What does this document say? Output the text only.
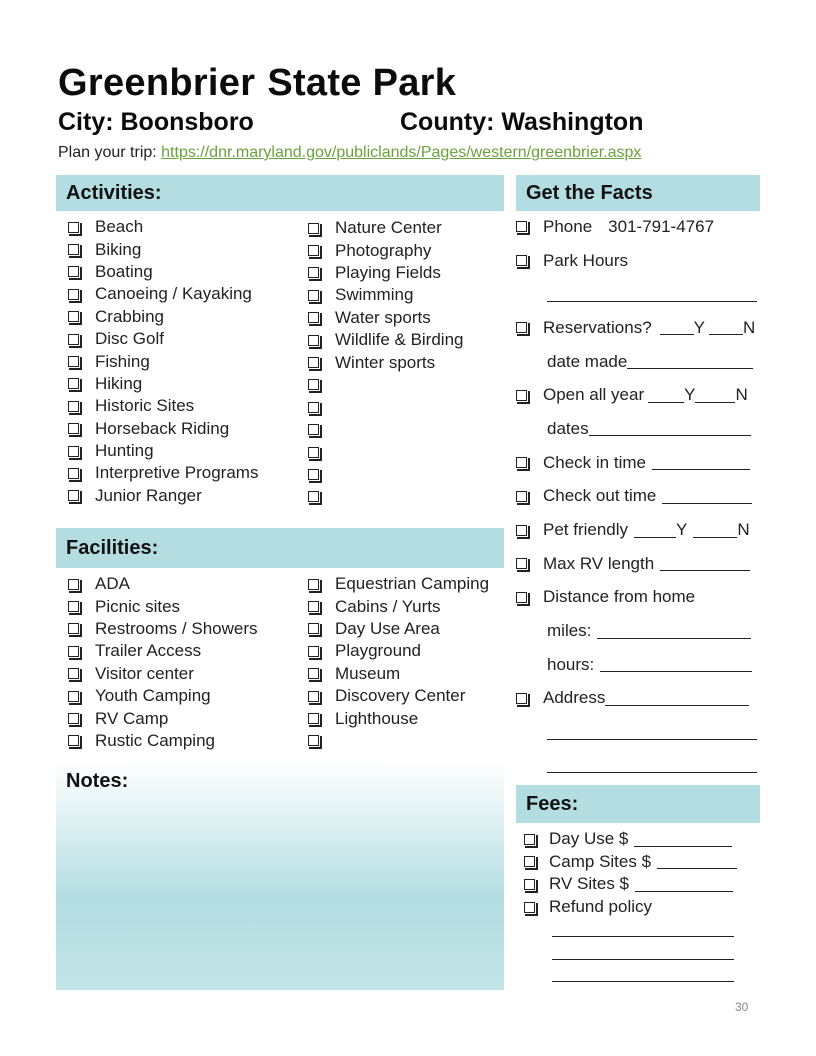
Greenbrier State Park
City: Boonsboro	County: Washington
Plan your trip: https://dnr.maryland.gov/publiclands/Pages/western/greenbrier.aspx
Activities:
Beach
Biking
Boating
Canoeing / Kayaking
Crabbing
Disc Golf
Fishing
Hiking
Historic Sites
Horseback Riding
Hunting
Interpretive Programs
Junior Ranger
Nature Center
Photography
Playing Fields
Swimming
Water sports
Wildlife & Birding
Winter sports
Facilities:
ADA
Picnic sites
Restrooms / Showers
Trailer Access
Visitor center
Youth Camping
RV Camp
Rustic Camping
Equestrian Camping
Cabins / Yurts
Day Use Area
Playground
Museum
Discovery Center
Lighthouse
Notes:
Get the Facts
Phone 301-791-4767
Park Hours
Reservations? Y N
date made
Open all year Y N
dates
Check in time
Check out time
Pet friendly	Y	N
Max RV length
Distance from home
miles:
hours:
Address
Fees:
Day Use $
Camp Sites $
RV Sites $
Refund policy
30
